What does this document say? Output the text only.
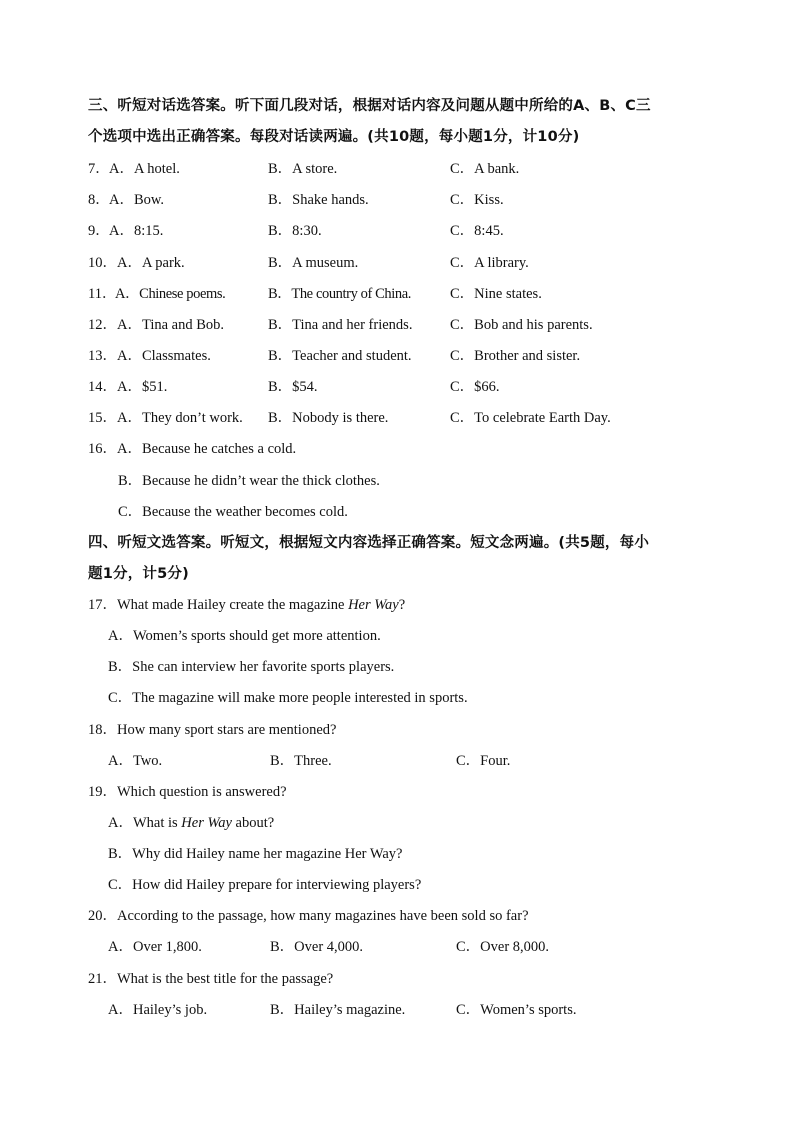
三、听短对话选答案。听下面几段对话，根据对话内容及问题从题中所给的A、B、C三
个选项中选出正确答案。每段对话读两遍。(共10题，每小题1分，计10分)
7． A．A hotel.	B．A store.	C．A bank.
8． A．Bow.	B．Shake hands.	C．Kiss.
9． A．8:15.	B．8:30.	C．8:45.
10． A．A park.	B．A museum.	C．A library.
11．
A．Chinese poems.	B．The country of China.	C．Nine states.
12． A．Tina and Bob.	B．Tina and her friends.	C．Bob and his parents.
13． A．Classmates.	B．Teacher and student.	C．Brother and sister.
14． A．$51.	B．$54.	C．$66.
15． A．They don’t work. B．Nobody is there.	C．To celebrate Earth Day.
16．A．Because he catches a cold.
B．Because he didn’t wear the thick clothes.
C．Because the weather becomes cold.
四、听短文选答案。听短文，根据短文内容选择正确答案。短文念两遍。(共5题，每小
题1分，计5分)
17．What made Hailey create the magazine Her Way?
A．Women’s sports should get more attention.
B．She can interview her favorite sports players.
C．The magazine will make more people interested in sports.
18．How many sport stars are mentioned?
A．Two.	B．Three.	C．Four.
19．Which question is answered?
A．What is Her Way about?
B．Why did Hailey name her magazine Her Way?
C．How did Hailey prepare for interviewing players?
20．According to the passage, how many magazines have been sold so far?
A．Over 1,800.	B．Over 4,000.	C．Over 8,000.
21．What is the best title for the passage?
A．Hailey’s job.	B．Hailey’s magazine.	C．Women’s sports.
